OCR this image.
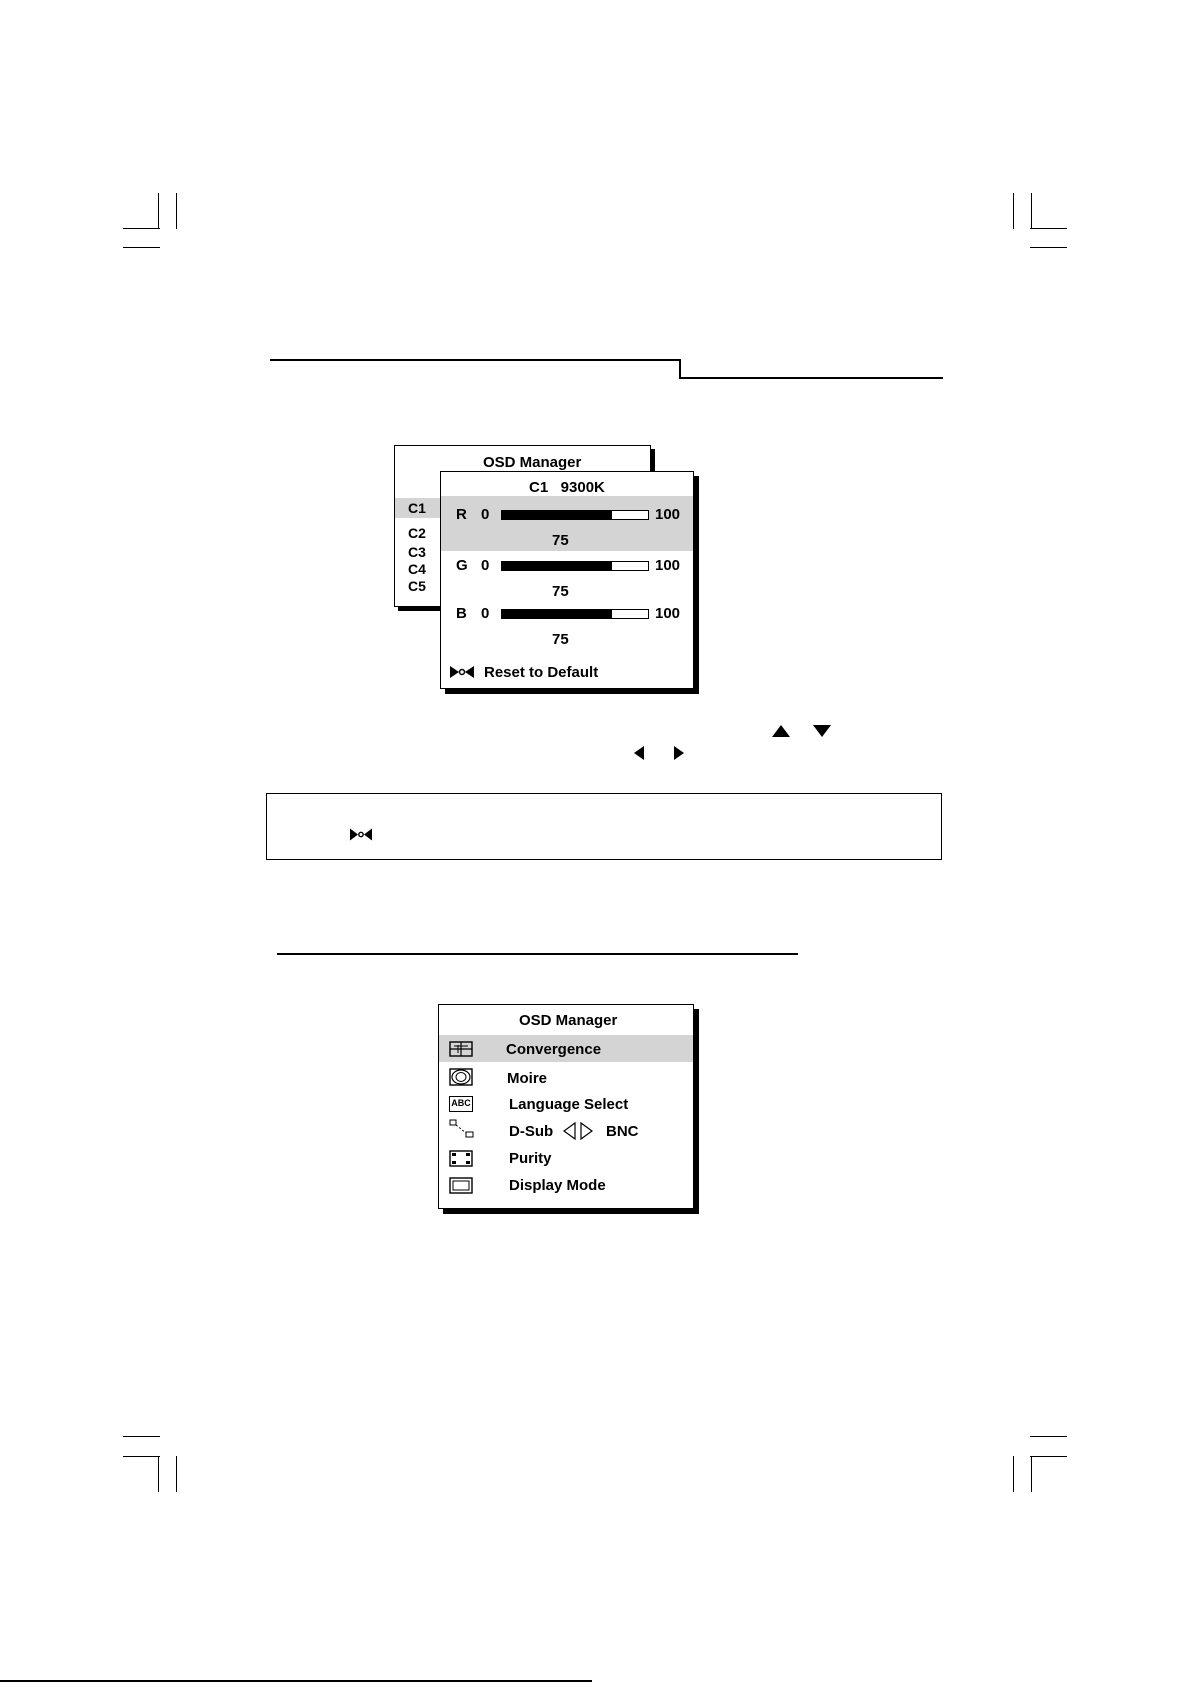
OSD Manager
C1
C2
C3
C4
C5
C1   9300K
R 0	100
75
G 0	100
75
B 0	100
75
Reset to Default
OSD Manager
Convergence
Moire
ABC	Language Select
D-Sub	BNC
Purity
Display Mode
